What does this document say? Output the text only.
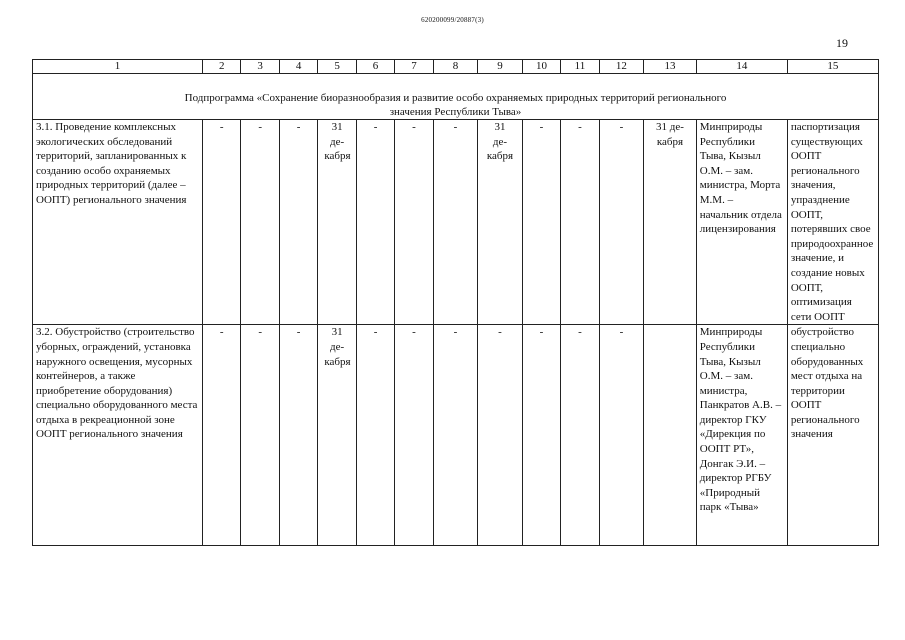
620200099/20887(3)
19
1	2	3	4	5	6	7	8	9	10	11	12	13	14	15
Подпрограмма «Сохранение биоразнообразия и развитие особо охраняемых природных территорий регионального значения Республики Тыва»														
3.1. Проведение комплексных экологических обследований территорий, запланированных к созданию особо охраняемых природных территорий (далее – ООПТ) регионального значения	-	-	-	31 де-кабря	-	-	-	31 де-кабря	-	-	-	31 де-кабря	Минприроды Республики Тыва, Кызыл О.М. – зам. министра, Морта М.М. – начальник отдела лицензирования	паспортизация существующих ООПТ регионального значения, упразднение ООПТ, потерявших свое природоохранное значение, и создание новых ООПТ, оптимизация сети ООПТ
3.2. Обустройство (строительство уборных, ограждений, установка наружного освещения, мусорных контейнеров, а также приобретение оборудования) специально оборудованного места отдыха в рекреационной зоне ООПТ регионального значения	-	-	-	31 де-кабря	-	-	-	-	-	-	-		Минприроды Республики Тыва, Кызыл О.М. – зам. министра, Панкратов А.В. – директор ГКУ «Дирекция по ООПТ РТ», Донгак Э.И. – директор РГБУ «Природный парк «Тыва»	обустройство специально оборудованных мест отдыха на территории ООПТ регионального значения
